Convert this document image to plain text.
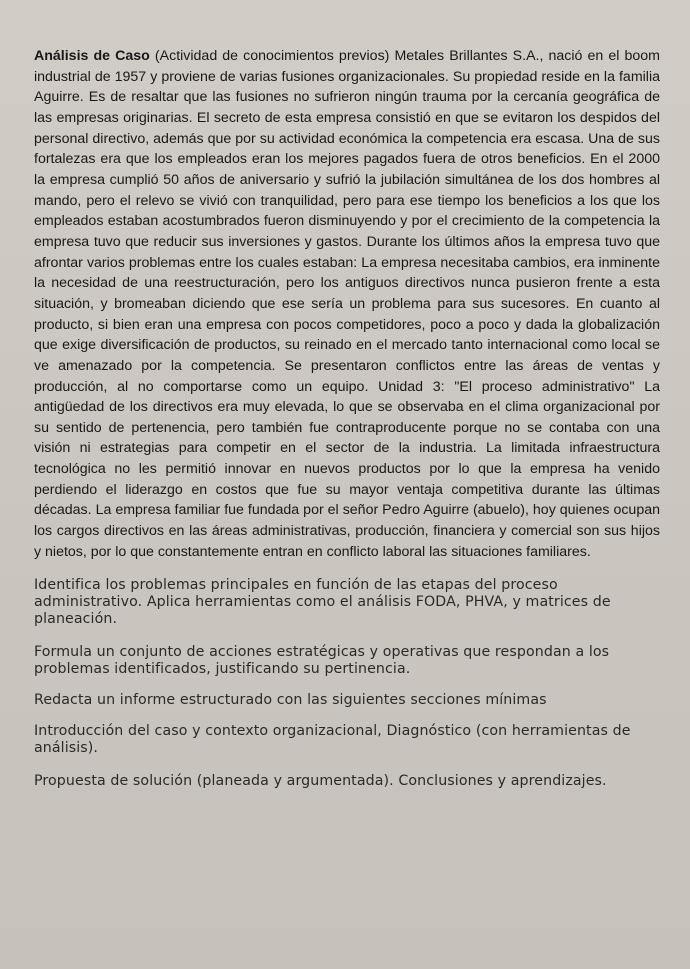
Análisis de Caso (Actividad de conocimientos previos) Metales Brillantes S.A., nació en el boom industrial de 1957 y proviene de varias fusiones organizacionales. Su propiedad reside en la familia Aguirre. Es de resaltar que las fusiones no sufrieron ningún trauma por la cercanía geográfica de las empresas originarias. El secreto de esta empresa consistió en que se evitaron los despidos del personal directivo, además que por su actividad económica la competencia era escasa. Una de sus fortalezas era que los empleados eran los mejores pagados fuera de otros beneficios. En el 2000 la empresa cumplió 50 años de aniversario y sufrió la jubilación simultánea de los dos hombres al mando, pero el relevo se vivió con tranquilidad, pero para ese tiempo los beneficios a los que los empleados estaban acostumbrados fueron disminuyendo y por el crecimiento de la competencia la empresa tuvo que reducir sus inversiones y gastos. Durante los últimos años la empresa tuvo que afrontar varios problemas entre los cuales estaban: La empresa necesitaba cambios, era inminente la necesidad de una reestructuración, pero los antiguos directivos nunca pusieron frente a esta situación, y bromeaban diciendo que ese sería un problema para sus sucesores. En cuanto al producto, si bien eran una empresa con pocos competidores, poco a poco y dada la globalización que exige diversificación de productos, su reinado en el mercado tanto internacional como local se ve amenazado por la competencia. Se presentaron conflictos entre las áreas de ventas y producción, al no comportarse como un equipo. Unidad 3: "El proceso administrativo" La antigüedad de los directivos era muy elevada, lo que se observaba en el clima organizacional por su sentido de pertenencia, pero también fue contraproducente porque no se contaba con una visión ni estrategias para competir en el sector de la industria. La limitada infraestructura tecnológica no les permitió innovar en nuevos productos por lo que la empresa ha venido perdiendo el liderazgo en costos que fue su mayor ventaja competitiva durante las últimas décadas. La empresa familiar fue fundada por el señor Pedro Aguirre (abuelo), hoy quienes ocupan los cargos directivos en las áreas administrativas, producción, financiera y comercial son sus hijos y nietos, por lo que constantemente entran en conflicto laboral las situaciones familiares.

Identifica los problemas principales en función de las etapas del proceso administrativo. Aplica herramientas como el análisis FODA, PHVA, y matrices de planeación.

Formula un conjunto de acciones estratégicas y operativas que respondan a los problemas identificados, justificando su pertinencia.

Redacta un informe estructurado con las siguientes secciones mínimas

Introducción del caso y contexto organizacional, Diagnóstico (con herramientas de análisis).

Propuesta de solución (planeada y argumentada). Conclusiones y aprendizajes.
